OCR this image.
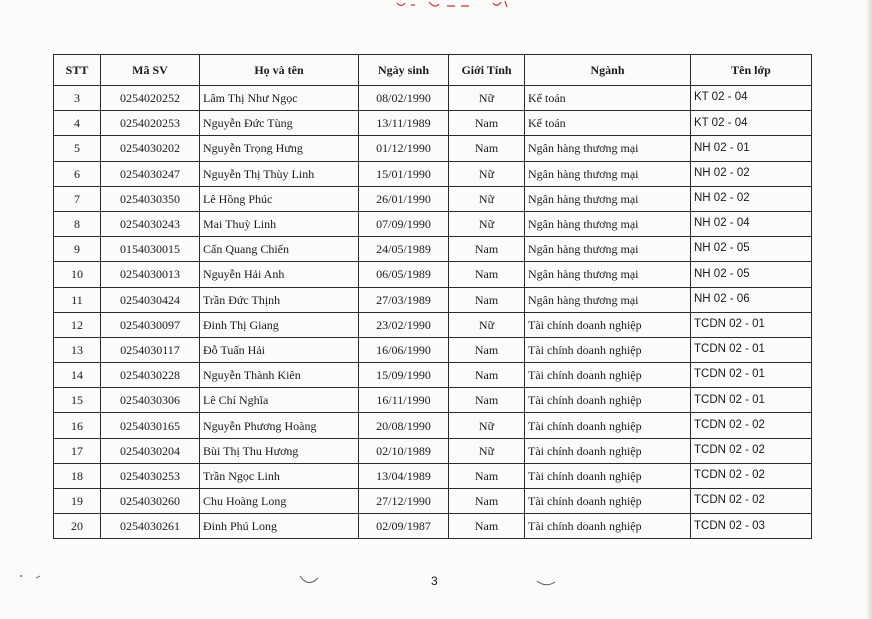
STT	Mã SV	Họ và tên	Ngày sinh	Giới Tính	Ngành	Tên lớp
3	0254020252	Lâm Thị Như Ngọc	08/02/1990	Nữ	Kế toán	KT 02 - 04
4	0254020253	Nguyễn Đức Tùng	13/11/1989	Nam	Kế toán	KT 02 - 04
5	0254030202	Nguyễn Trọng Hưng	01/12/1990	Nam	Ngân hàng thương mại	NH 02 - 01
6	0254030247	Nguyễn Thị Thùy Linh	15/01/1990	Nữ	Ngân hàng thương mại	NH 02 - 02
7	0254030350	Lê Hồng Phúc	26/01/1990	Nữ	Ngân hàng thương mại	NH 02 - 02
8	0254030243	Mai Thuỳ Linh	07/09/1990	Nữ	Ngân hàng thương mại	NH 02 - 04
9	0154030015	Cấn Quang Chiến	24/05/1989	Nam	Ngân hàng thương mại	NH 02 - 05
10	0254030013	Nguyễn Hải Anh	06/05/1989	Nam	Ngân hàng thương mại	NH 02 - 05
11	0254030424	Trần Đức Thịnh	27/03/1989	Nam	Ngân hàng thương mại	NH 02 - 06
12	0254030097	Đinh Thị Giang	23/02/1990	Nữ	Tài chính doanh nghiệp	TCDN 02 - 01
13	0254030117	Đỗ Tuấn Hải	16/06/1990	Nam	Tài chính doanh nghiệp	TCDN 02 - 01
14	0254030228	Nguyễn Thành Kiên	15/09/1990	Nam	Tài chính doanh nghiệp	TCDN 02 - 01
15	0254030306	Lê Chí Nghĩa	16/11/1990	Nam	Tài chính doanh nghiệp	TCDN 02 - 01
16	0254030165	Nguyễn Phương Hoàng	20/08/1990	Nữ	Tài chính doanh nghiệp	TCDN 02 - 02
17	0254030204	Bùi Thị Thu Hương	02/10/1989	Nữ	Tài chính doanh nghiệp	TCDN 02 - 02
18	0254030253	Trần Ngọc Linh	13/04/1989	Nam	Tài chính doanh nghiệp	TCDN 02 - 02
19	0254030260	Chu Hoàng Long	27/12/1990	Nam	Tài chính doanh nghiệp	TCDN 02 - 02
20	0254030261	Đinh Phú Long	02/09/1987	Nam	Tài chính doanh nghiệp	TCDN 02 - 03
3
